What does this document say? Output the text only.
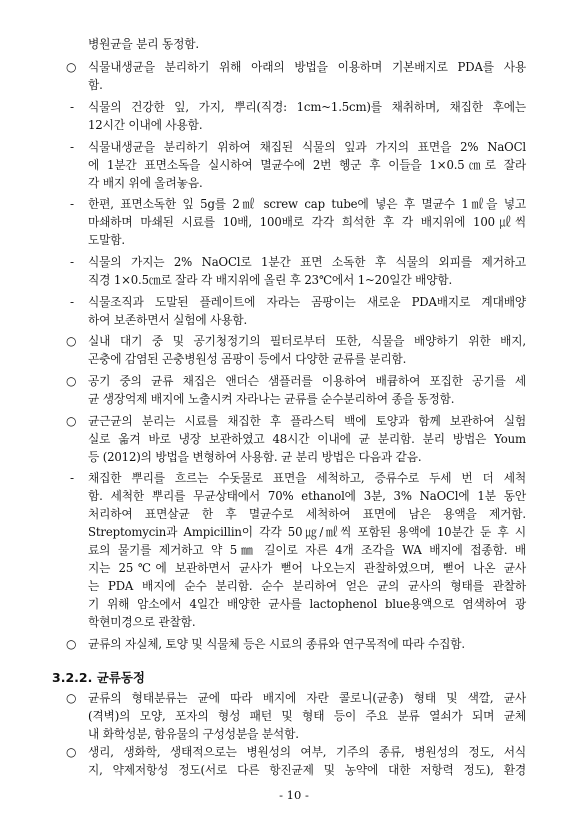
병원균을 분리 동정함.
○ 식물내생균을 분리하기 위해 아래의 방법을 이용하며 기본배지로 PDA를 사용
함.
- 식물의 건강한 잎, 가지, 뿌리(직경: 1cm~1.5cm)를 채취하며, 채집한 후에는
12시간 이내에 사용함.
- 식물내생균을 분리하기 위하여 채집된 식물의 잎과 가지의 표면을 2% NaOCl
에 1분간 표면소독을 실시하여 멸균수에 2번 헹군 후 이들을 1×0.5㎝로 잘라
각 배지 위에 올려놓음.
- 한편, 표면소독한 잎 5g를 2㎖ screw cap tube에 넣은 후 멸균수 1㎖을 넣고
마쇄하며 마쇄된 시료를 10배, 100배로 각각 희석한 후 각 배지위에 100㎕씩
도말함.
- 식물의 가지는 2% NaOCl로 1분간 표면 소독한 후 식물의 외피를 제거하고
직경 1×0.5㎝로 잘라 각 배지위에 올린 후 23℃에서 1~20일간 배양함.
- 식물조직과 도말된 플레이트에 자라는 곰팡이는 새로운 PDA배지로 계대배양
하여 보존하면서 실험에 사용함.
○ 실내 대기 중 및 공기청정기의 필터로부터 또한, 식물을 배양하기 위한 배지,
곤충에 감염된 곤충병원성 곰팡이 등에서 다양한 균류를 분리함.
○ 공기 중의 균류 채집은 앤더슨 샘플러를 이용하여 배큠하여 포집한 공기를 세
균 생장억제 배지에 노출시켜 자라나는 균류를 순수분리하여 종을 동정함.
○ 균근균의 분리는 시료를 채집한 후 플라스틱 백에 토양과 함께 보관하여 실험
실로 옮겨 바로 냉장 보관하였고 48시간 이내에 균 분리함. 분리 방법은 Youm
등 (2012)의 방법을 변형하여 사용함. 균 분리 방법은 다음과 같음.
- 채집한 뿌리를 흐르는 수돗물로 표면을 세척하고, 증류수로 두세 번 더 세척
함. 세척한 뿌리를 무균상태에서 70% ethanol에 3분, 3% NaOCl에 1분 동안
처리하여 표면살균 한 후 멸균수로 세척하여 표면에 남은 용액을 제거함.
Streptomycin과 Ampicillin이 각각 50㎍/㎖씩 포함된 용액에 10분간 둔 후 시
료의 물기를 제거하고 약 5㎜ 길이로 자른 4개 조각을 WA 배지에 접종함. 배
지는 25℃에 보관하면서 균사가 뻗어 나오는지 관찰하였으며, 뻗어 나온 균사
는 PDA 배지에 순수 분리함. 순수 분리하여 얻은 균의 균사의 형태를 관찰하
기 위해 암소에서 4일간 배양한 균사를 lactophenol blue용액으로 염색하여 광
학현미경으로 관찰함.
○ 균류의 자실체, 토양 및 식물체 등은 시료의 종류와 연구목적에 따라 수집함.
3.2.2. 균류동정
○ 균류의 형태분류는 균에 따라 배지에 자란 콜로니(균총) 형태 및 색깔, 균사
(격벽)의 모양, 포자의 형성 패턴 및 형태 등이 주요 분류 열쇠가 되며 균체
내 화학성분, 함유물의 구성성분을 분석함.
○ 생리, 생화학, 생태적으로는 병원성의 여부, 기주의 종류, 병원성의 정도, 서식
지, 약제저항성 정도(서로 다른 항진균제 및 농약에 대한 저항력 정도), 환경
- 10 -
